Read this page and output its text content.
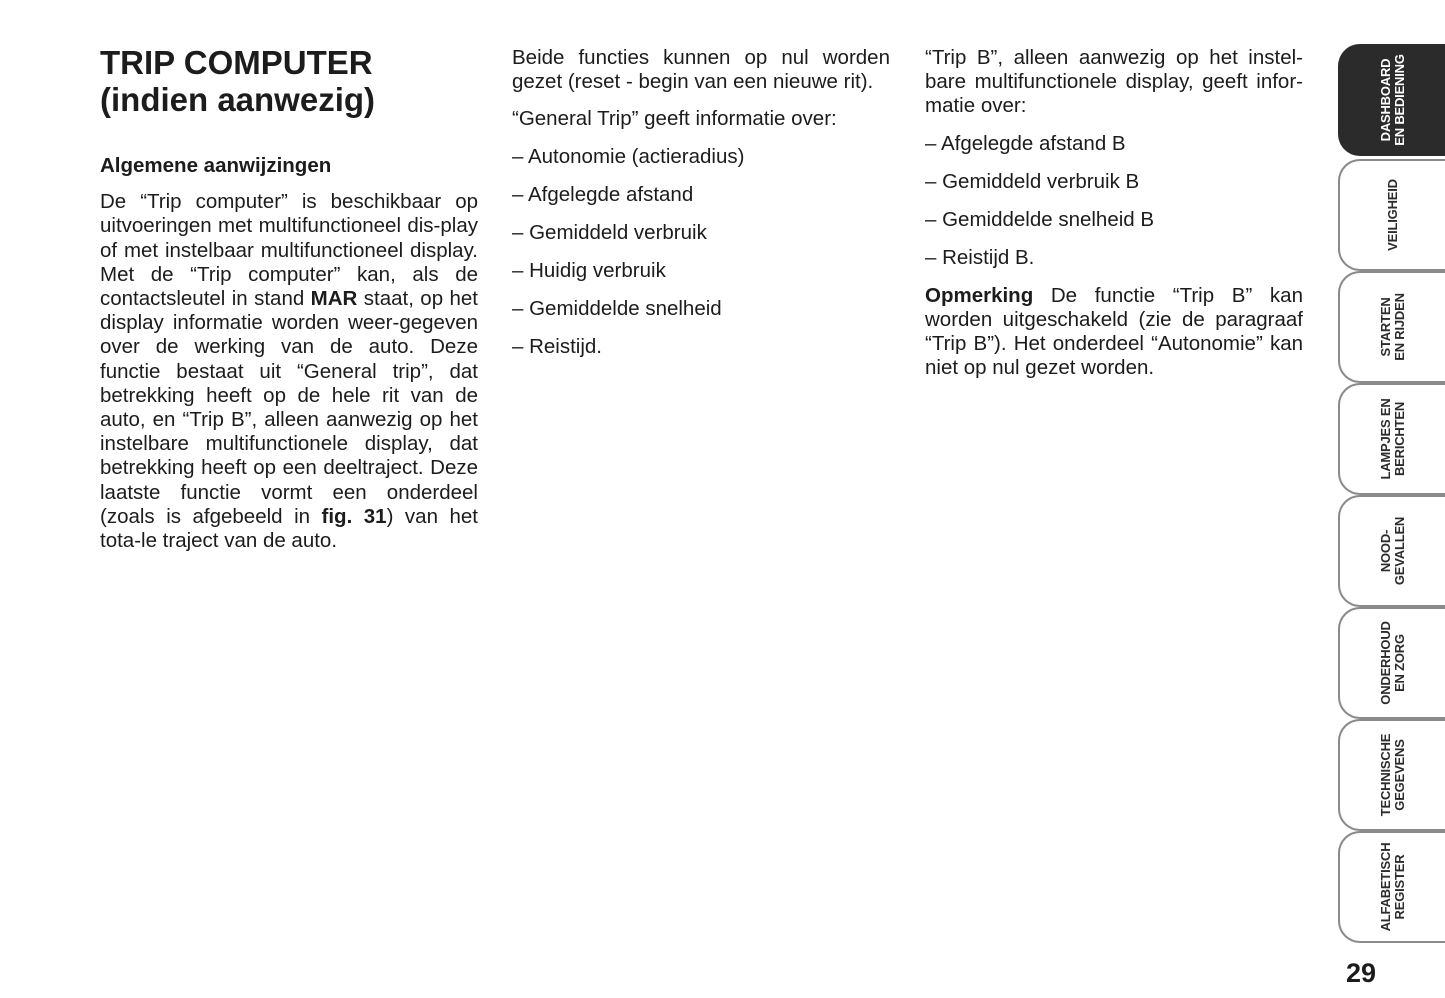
TRIP COMPUTER
(indien aanwezig)
Algemene aanwijzingen

De “Trip computer” is beschikbaar op uitvoeringen met multifunctioneel dis-play of met instelbaar multifunctioneel display. Met de “Trip computer” kan, als de contactsleutel in stand MAR staat, op het display informatie worden weer-gegeven over de werking van de auto. Deze functie bestaat uit “General trip”, dat betrekking heeft op de hele rit van de auto, en “Trip B”, alleen aanwezig op het instelbare multifunctionele display, dat betrekking heeft op een deeltraject. Deze laatste functie vormt een onderdeel (zoals is afgebeeld in fig. 31) van het tota-le traject van de auto.

Beide functies kunnen op nul worden gezet (reset - begin van een nieuwe rit).

“General Trip” geeft informatie over:

– Autonomie (actieradius)
– Afgelegde afstand
– Gemiddeld verbruik
– Huidig verbruik
– Gemiddelde snelheid
– Reistijd.

“Trip B”, alleen aanwezig op het instel-bare multifunctionele display, geeft infor-matie over:

– Afgelegde afstand B
– Gemiddeld verbruik B
– Gemiddelde snelheid B
– Reistijd B.

Opmerking De functie “Trip B” kan worden uitgeschakeld (zie de paragraaf “Trip B”). Het onderdeel “Autonomie” kan niet op nul gezet worden.

DASHBOARD EN BEDIENING
VEILIGHEID
STARTEN EN RIJDEN
LAMPJES EN BERICHTEN
NOOD- GEVALLEN
ONDERHOUD EN ZORG
TECHNISCHE GEGEVENS
ALFABETISCH REGISTER
29
